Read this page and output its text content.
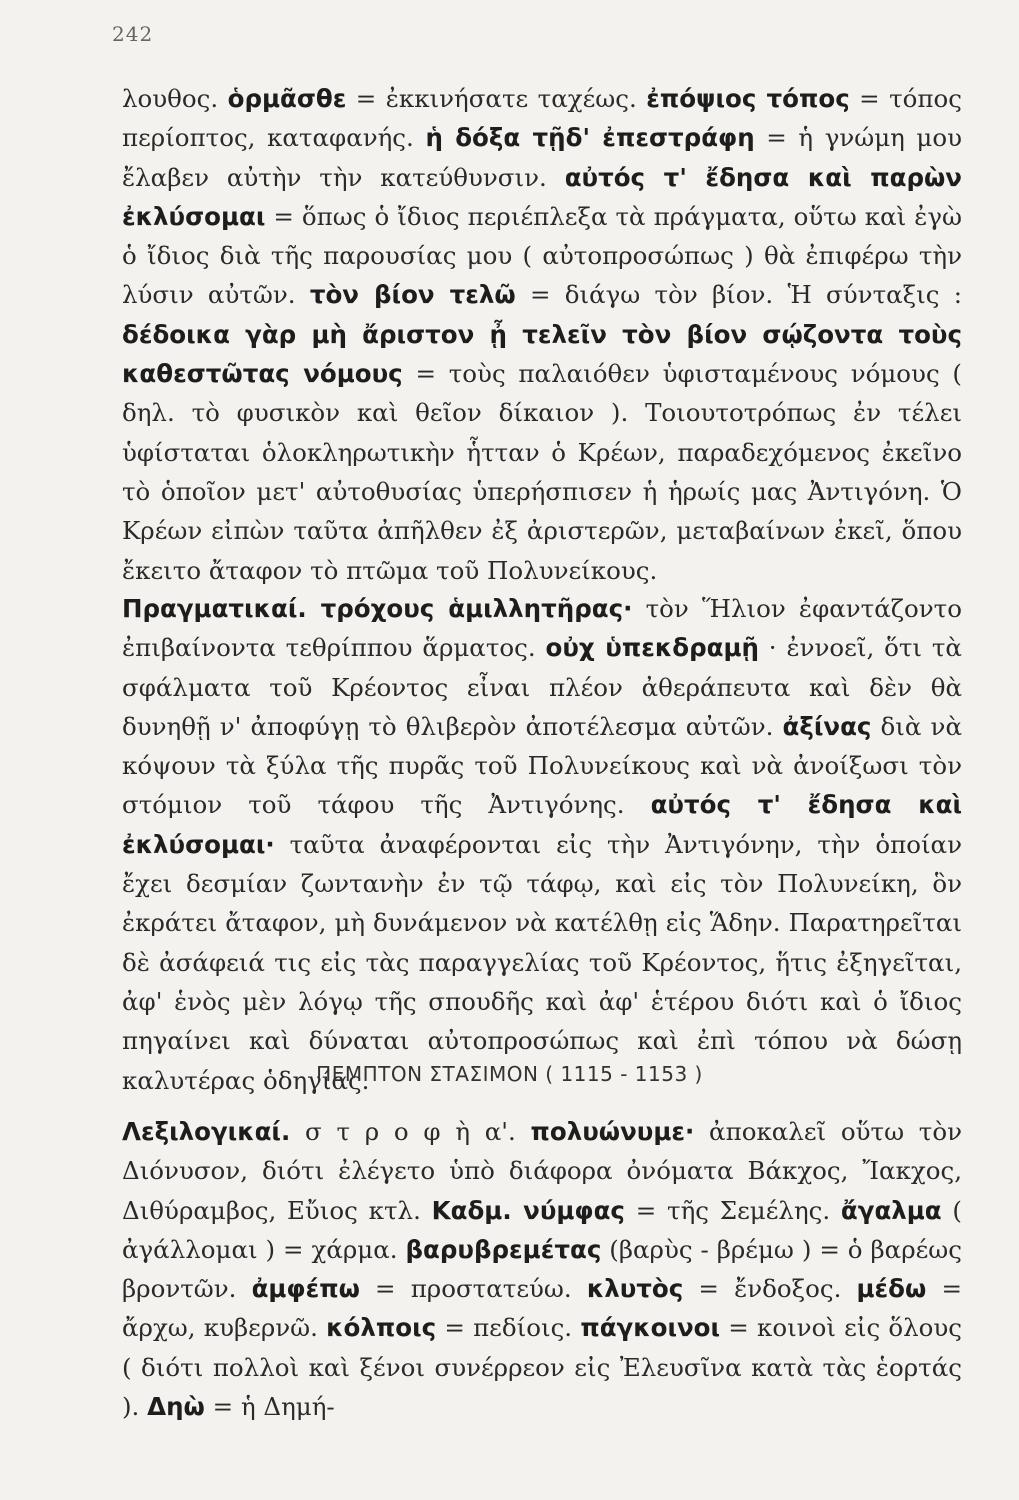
242

λουθος. ὁρμᾶσθε = ἐκκινήσατε ταχέως. ἐπόψιος τόπος = τόπος περίοπτος, καταφανής. ἡ δόξα τῇδ' ἐπεστράφη = ἡ γνώμη μου ἔλαβεν αὐτὴν τὴν κατεύθυνσιν. αὐτός τ' ἔδησα καὶ παρὼν ἐκλύσομαι = ὅπως ὁ ἴδιος περιέπλεξα τὰ πράγματα, οὕτω καὶ ἐγὼ ὁ ἴδιος διὰ τῆς παρουσίας μου ( αὐτοπροσώπως ) θὰ ἐπιφέρω τὴν λύσιν αὐτῶν. τὸν βίον τελῶ = διάγω τὸν βίον. Ἡ σύνταξις : δέδοικα γὰρ μὴ ἄριστον ᾖ τελεῖν τὸν βίον σῴζοντα τοὺς καθεστῶτας νόμους = τοὺς παλαιόθεν ὑφισταμένους νόμους ( δηλ. τὸ φυσικὸν καὶ θεῖον δίκαιον ). Τοιουτοτρόπως ἐν τέλει ὑφίσταται ὁλοκληρωτικὴν ἧτταν ὁ Κρέων, παραδεχόμενος ἐκεῖνο τὸ ὁποῖον μετ' αὐτοθυσίας ὑπερήσπισεν ἡ ἡρωίς μας Ἀντιγόνη. Ὁ Κρέων εἰπὼν ταῦτα ἀπῆλθεν ἐξ ἀριστερῶν, μεταβαίνων ἐκεῖ, ὅπου ἔκειτο ἄταφον τὸ πτῶμα τοῦ Πολυνείκους.

Πραγματικαί. τρόχους ἁμιλλητῆρας· τὸν Ἥλιον ἐφαντάζοντο ἐπιβαίνοντα τεθρίππου ἅρματος. οὐχ ὑπεκδραμῇ · ἐννοεῖ, ὅτι τὰ σφάλματα τοῦ Κρέοντος εἶναι πλέον ἀθεράπευτα καὶ δὲν θὰ δυνηθῇ ν' ἀποφύγῃ τὸ θλιβερὸν ἀποτέλεσμα αὐτῶν. ἀξίνας διὰ νὰ κόψουν τὰ ξύλα τῆς πυρᾶς τοῦ Πολυνείκους καὶ νὰ ἀνοίξωσι τὸν στόμιον τοῦ τάφου τῆς Ἀντιγόνης. αὐτός τ' ἔδησα καὶ ἐκλύσομαι· ταῦτα ἀναφέρονται εἰς τὴν Ἀντιγόνην, τὴν ὁποίαν ἔχει δεσμίαν ζωντανὴν ἐν τῷ τάφῳ, καὶ εἰς τὸν Πολυνείκη, ὃν ἐκράτει ἄταφον, μὴ δυνάμενον νὰ κατέλθῃ εἰς Ἅδην. Παρατηρεῖται δὲ ἀσάφειά τις εἰς τὰς παραγγελίας τοῦ Κρέοντος, ἥτις ἐξηγεῖται, ἀφ' ἑνὸς μὲν λόγῳ τῆς σπουδῆς καὶ ἀφ' ἑτέρου διότι καὶ ὁ ἴδιος πηγαίνει καὶ δύναται αὐτοπροσώπως καὶ ἐπὶ τόπου νὰ δώσῃ καλυτέρας ὁδηγίας.

ΠΕΜΠΤΟΝ ΣΤΑΣΙΜΟΝ ( 1115 - 1153 )

Λεξιλογικαί. σ τ ρ ο φ ὴ α'. πολυώνυμε· ἀποκαλεῖ οὕτω τὸν Διόνυσον, διότι ἐλέγετο ὑπὸ διάφορα ὀνόματα Βάκχος, Ἴακχος, Διθύραμβος, Εὔιος κτλ. Καδμ. νύμφας = τῆς Σεμέλης. ἄγαλμα ( ἀγάλλομαι ) = χάρμα. βαρυβρεμέτας (βαρὺς - βρέμω ) = ὁ βαρέως βροντῶν. ἀμφέπω = προστατεύω. κλυτὸς = ἔνδοξος. μέδω = ἄρχω, κυβερνῶ. κόλποις = πεδίοις. πάγκοινοι = κοινοὶ εἰς ὅλους ( διότι πολλοὶ καὶ ξένοι συνέρρεον εἰς Ἐλευσῖνα κατὰ τὰς ἑορτάς ). Δηὼ = ἡ Δημή-
